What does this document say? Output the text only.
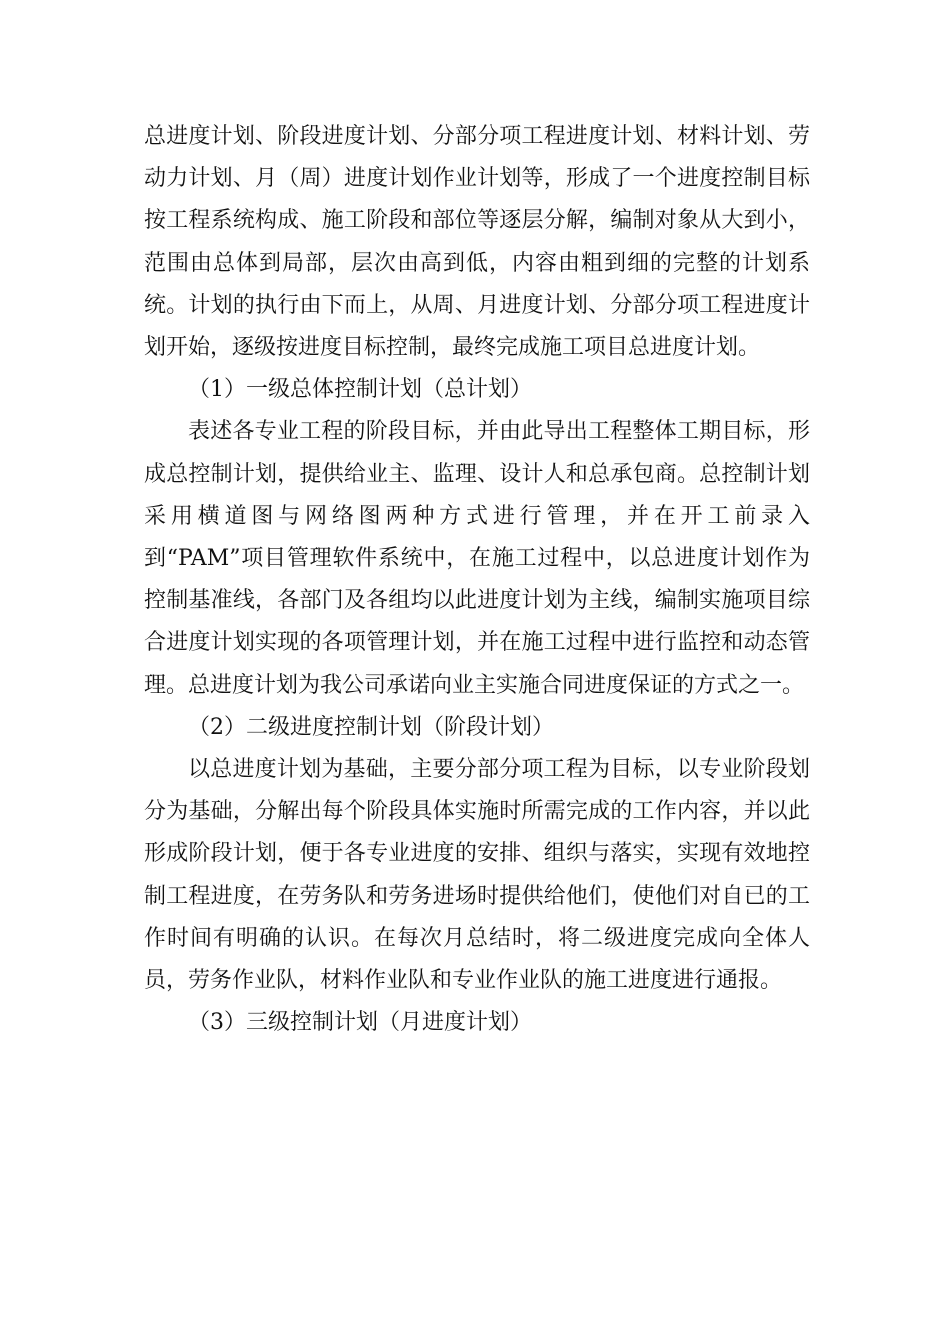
总进度计划、阶段进度计划、分部分项工程进度计划、材料计划、劳动力计划、月（周）进度计划作业计划等，形成了一个进度控制目标按工程系统构成、施工阶段和部位等逐层分解，编制对象从大到小，范围由总体到局部，层次由高到低，内容由粗到细的完整的计划系统。计划的执行由下而上，从周、月进度计划、分部分项工程进度计划开始，逐级按进度目标控制，最终完成施工项目总进度计划。

（1）一级总体控制计划（总计划）

表述各专业工程的阶段目标，并由此导出工程整体工期目标，形成总控制计划，提供给业主、监理、设计人和总承包商。总控制计划采用横道图与网络图两种方式进行管理，并在开工前录入到“PAM”项目管理软件系统中，在施工过程中，以总进度计划作为控制基准线，各部门及各组均以此进度计划为主线，编制实施项目综合进度计划实现的各项管理计划，并在施工过程中进行监控和动态管理。总进度计划为我公司承诺向业主实施合同进度保证的方式之一。

（2）二级进度控制计划（阶段计划）

以总进度计划为基础，主要分部分项工程为目标，以专业阶段划分为基础，分解出每个阶段具体实施时所需完成的工作内容，并以此形成阶段计划，便于各专业进度的安排、组织与落实，实现有效地控制工程进度，在劳务队和劳务进场时提供给他们，使他们对自已的工作时间有明确的认识。在每次月总结时，将二级进度完成向全体人员，劳务作业队，材料作业队和专业作业队的施工进度进行通报。

（3）三级控制计划（月进度计划）
